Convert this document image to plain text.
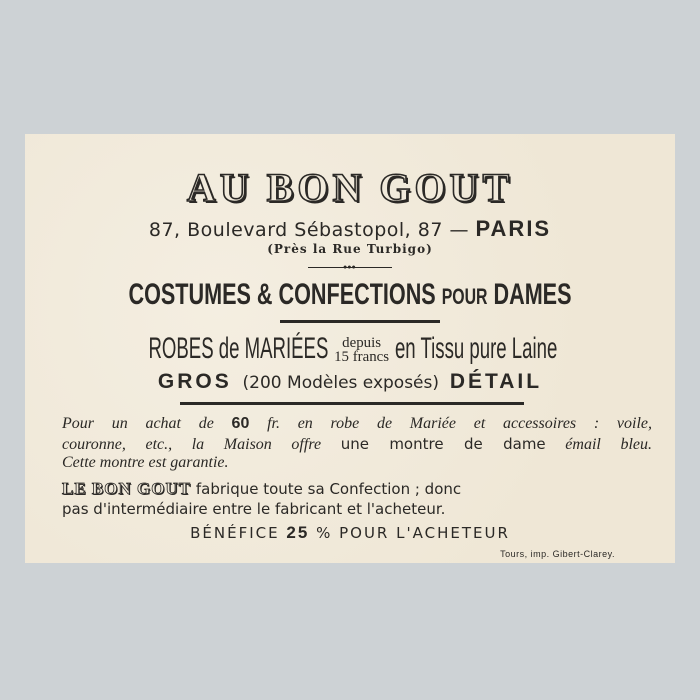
AU BON GOUT
87, Boulevard Sébastopol, 87 — PARIS
(Près la Rue Turbigo)
●●●
COSTUMES & CONFECTIONS POUR DAMES
ROBES de MARIÉES depuis
15 francs en Tissu pure Laine
GROS (200 Modèles exposés) DÉTAIL
Pour un achat de 60 fr. en robe de Mariée et accessoires : voile,
couronne, etc., la Maison offre une montre de dame émail bleu.
Cette montre est garantie.
LE BON GOUT fabrique toute sa Confection ; donc
pas d'intermédiaire entre le fabricant et l'acheteur.
BÉNÉFICE 25 % POUR L'ACHETEUR
Tours, imp. Gibert-Clarey.
